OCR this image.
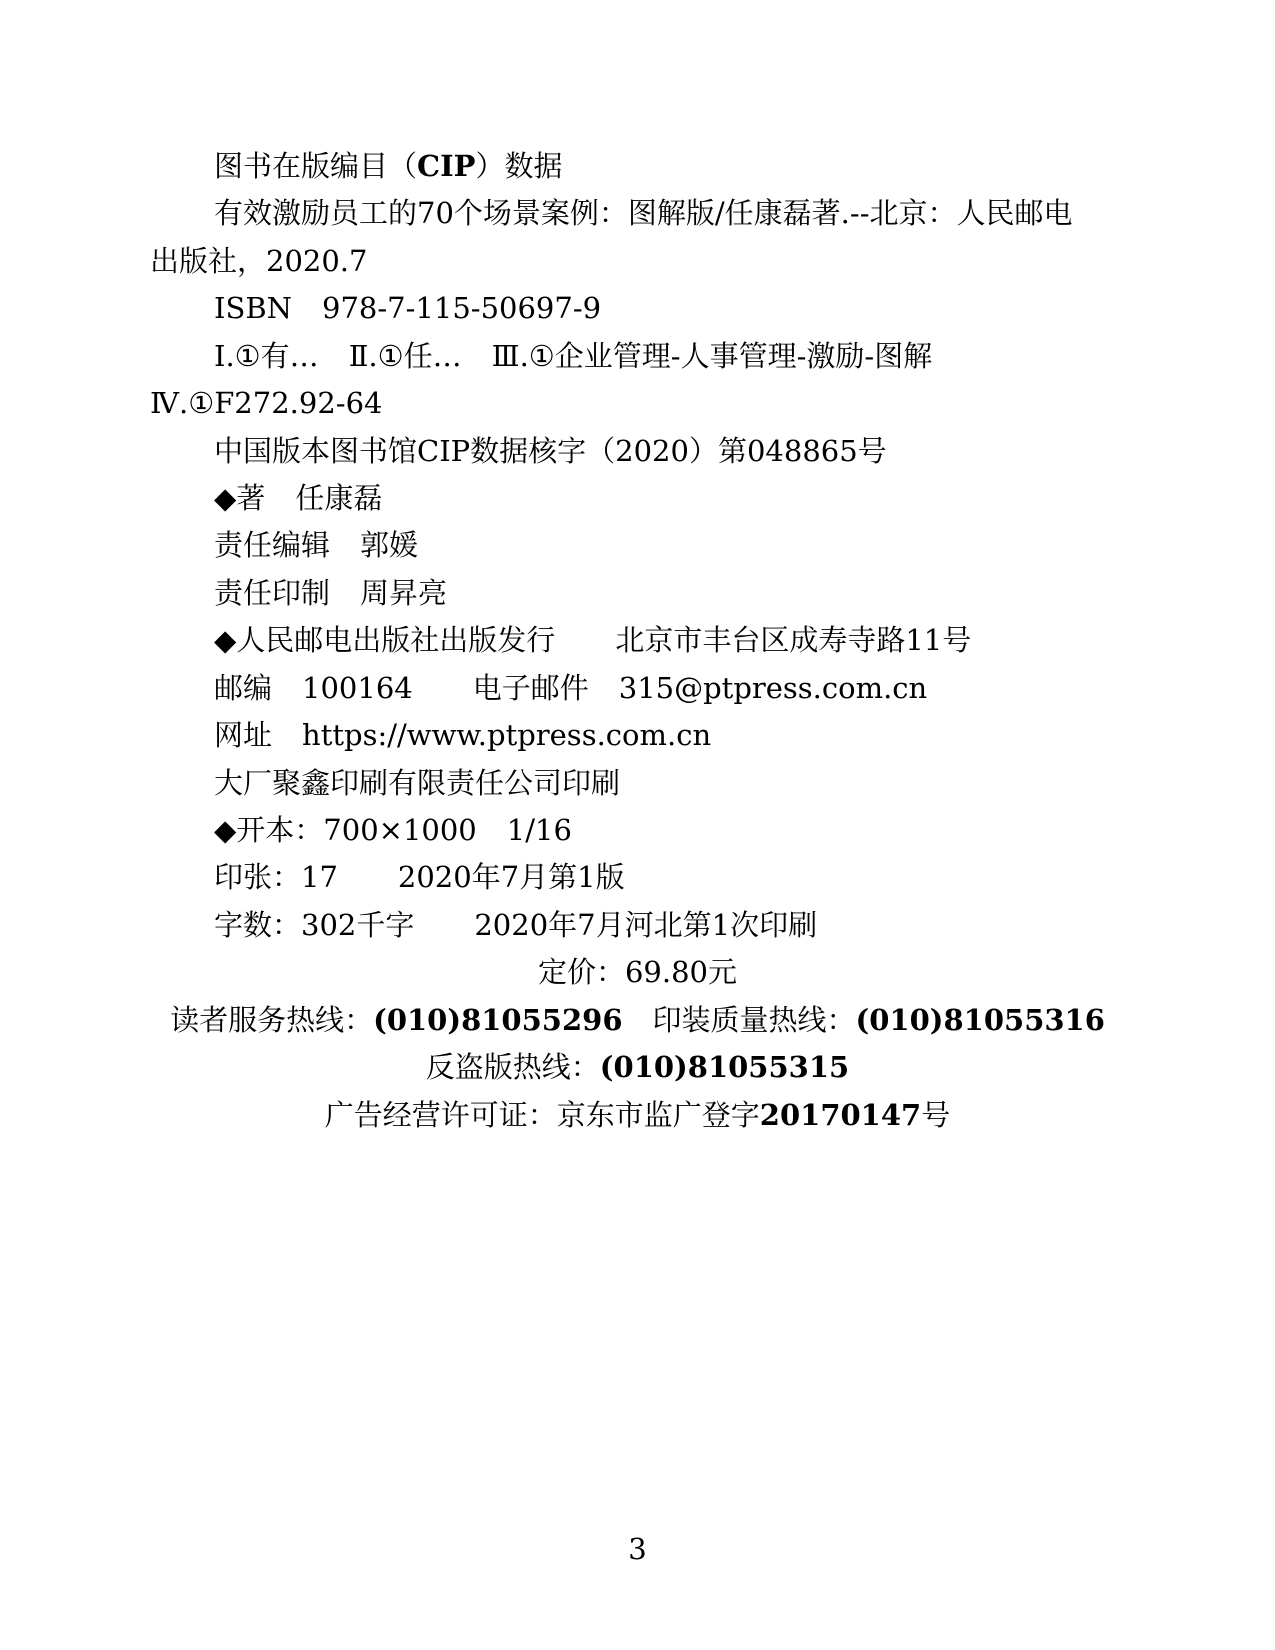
图书在版编目（CIP）数据
有效激励员工的70个场景案例：图解版/任康磊著.--北京：人民邮电
出版社，2020.7
ISBN 978-7-115-50697-9
Ⅰ.①有… Ⅱ.①任… Ⅲ.①企业管理-人事管理-激励-图解
Ⅳ.①F272.92-64
中国版本图书馆CIP数据核字（2020）第048865号
◆著 任康磊
责任编辑 郭媛
责任印制 周昇亮
◆人民邮电出版社出版发行 北京市丰台区成寿寺路11号
邮编 100164 电子邮件 315@ptpress.com.cn
网址 https://www.ptpress.com.cn
大厂聚鑫印刷有限责任公司印刷
◆开本：700×1000 1/16
印张：17 2020年7月第1版
字数：302千字 2020年7月河北第1次印刷
定价：69.80元
读者服务热线：(010)81055296 印装质量热线：(010)81055316
反盗版热线：(010)81055315
广告经营许可证：京东市监广登字20170147号
3
